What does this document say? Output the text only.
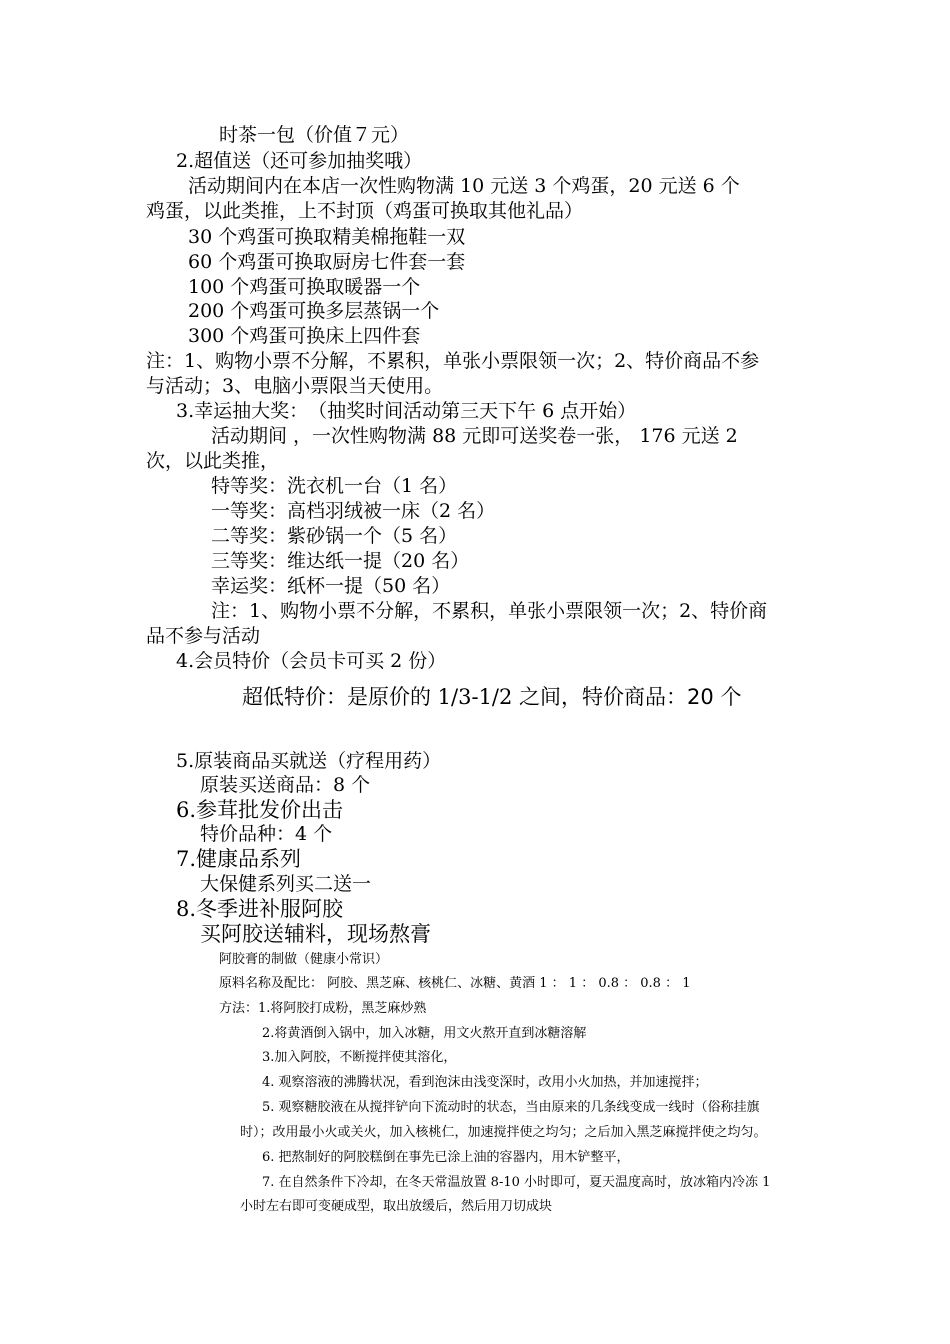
时茶一包（价值７元）
2.超值送（还可参加抽奖哦）
活动期间内在本店一次性购物满 10 元送 3 个鸡蛋，20 元送 6 个
鸡蛋，以此类推，上不封顶（鸡蛋可换取其他礼品）
30 个鸡蛋可换取精美棉拖鞋一双
60 个鸡蛋可换取厨房七件套一套
100 个鸡蛋可换取暖器一个
200 个鸡蛋可换多层蒸锅一个
300 个鸡蛋可换床上四件套
注：1、购物小票不分解，不累积，单张小票限领一次；2、特价商品不参
与活动；3、电脑小票限当天使用。
3.幸运抽大奖：　（抽奖时间活动第三天下午 6 点开始）
活动期间 ，一次性购物满 88 元即可送奖卷一张， 176 元送 2
次，以此类推，
特等奖：洗衣机一台（1 名）
一等奖：高档羽绒被一床（2 名）
二等奖：紫砂锅一个（5 名）
三等奖：维达纸一提（20 名）
幸运奖：纸杯一提（50 名）
注：1、购物小票不分解，不累积，单张小票限领一次；2、特价商
品不参与活动
4.会员特价（会员卡可买 2 份）
超低特价：是原价的 1/3-1/2 之间，特价商品：20 个
5.原装商品买就送（疗程用药）
原装买送商品：8 个
6.参茸批发价出击
特价品种：4 个
7.健康品系列
大保健系列买二送一
8.冬季进补服阿胶
买阿胶送辅料，现场熬膏
阿胶膏的制做（健康小常识）
原料名称及配比： 阿胶、黑芝麻、核桃仁、冰糖、黄酒 1 ： 1 ： 0.8 ： 0.8 ： 1
方法：1.将阿胶打成粉，黑芝麻炒熟
2.将黄酒倒入锅中，加入冰糖，用文火熬开直到冰糖溶解
3.加入阿胶，不断搅拌使其溶化，
4. 观察溶液的沸腾状况，看到泡沫由浅变深时，改用小火加热，并加速搅拌；
5. 观察糖胶液在从搅拌铲向下流动时的状态，当由原来的几条线变成一线时（俗称挂旗
时）；改用最小火或关火，加入核桃仁，加速搅拌使之均匀；之后加入黑芝麻搅拌使之均匀。
6. 把熬制好的阿胶糕倒在事先已涂上油的容器内，用木铲整平，
7. 在自然条件下冷却，在冬天常温放置 8-10 小时即可，夏天温度高时，放冰箱内冷冻 1
小时左右即可变硬成型，取出放缓后，然后用刀切成块
